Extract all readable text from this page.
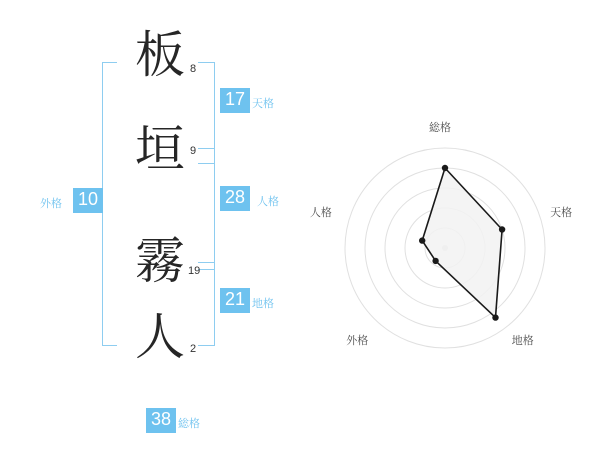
板
垣
霧
人
8
9
19
2
17 天格
28	人格
21 地格
10
外格
38 総格
総格
天格
地格
外格
人格
